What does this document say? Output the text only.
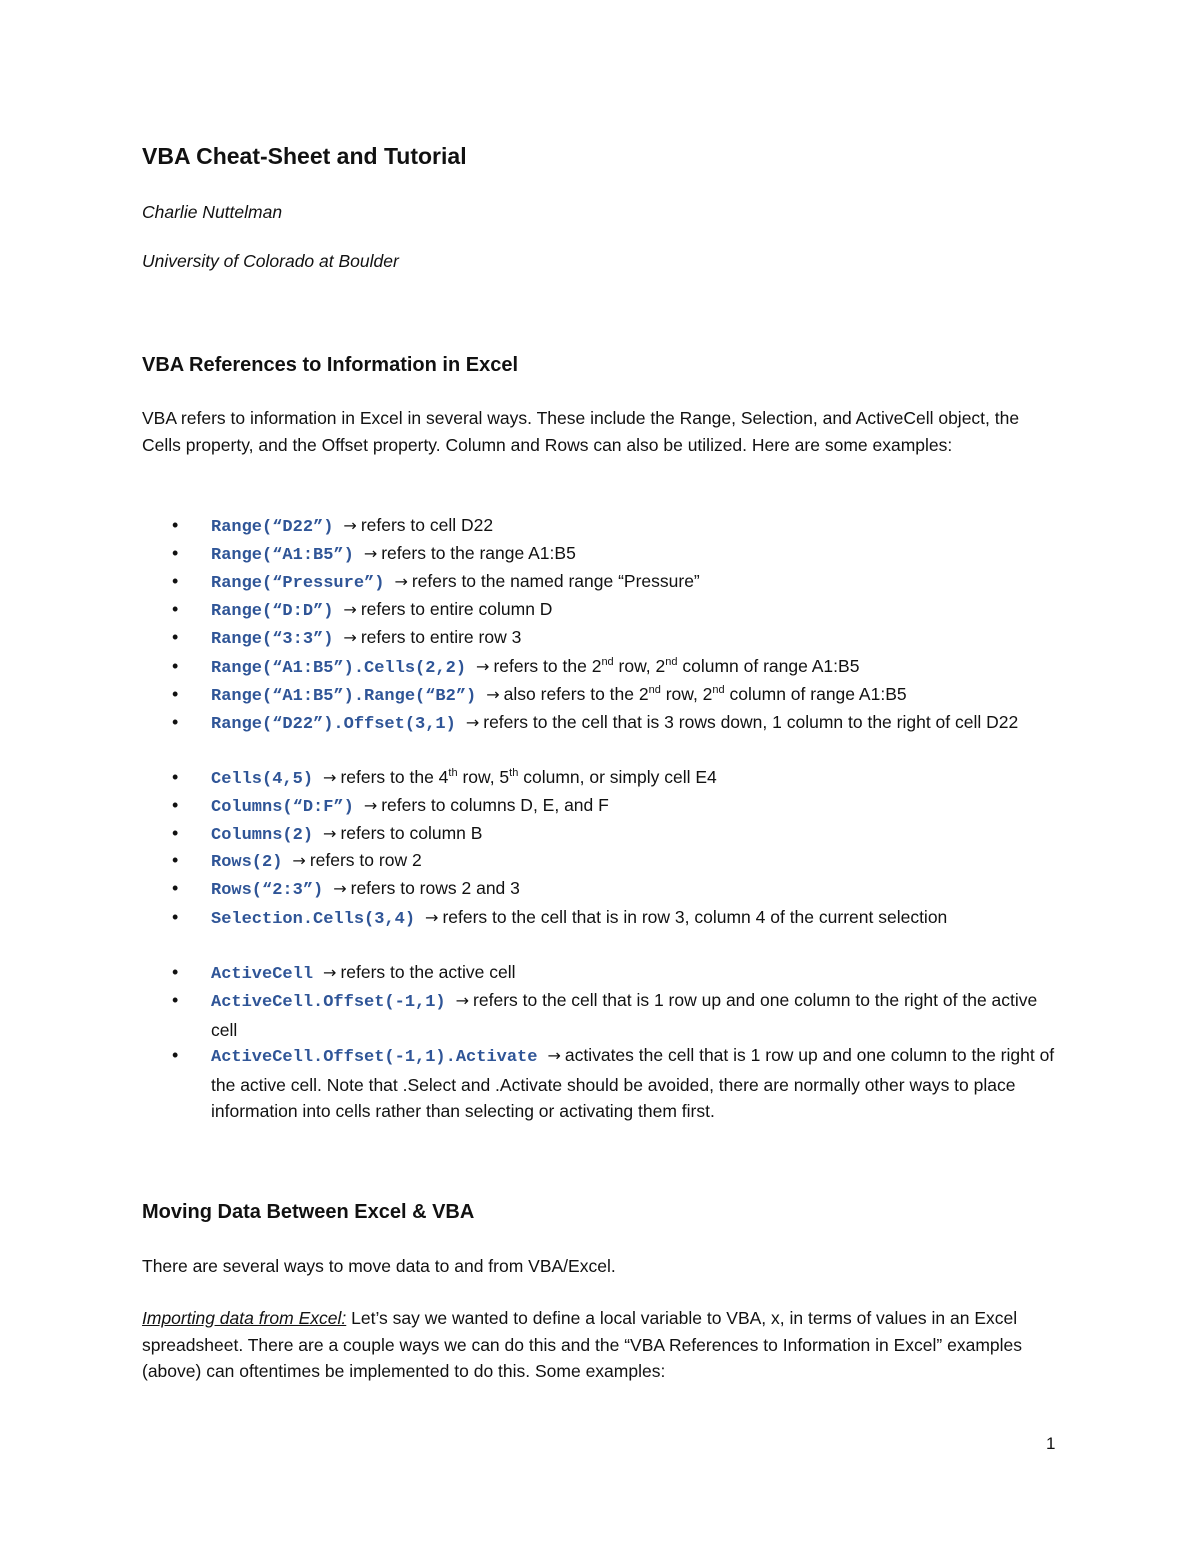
VBA Cheat-Sheet and Tutorial
Charlie Nuttelman
University of Colorado at Boulder
VBA References to Information in Excel
VBA refers to information in Excel in several ways. These include the Range, Selection, and ActiveCell object, the Cells property, and the Offset property. Column and Rows can also be utilized. Here are some examples:
• Range(“D22”) → refers to cell D22
• Range(“A1:B5”) → refers to the range A1:B5
• Range(“Pressure”) → refers to the named range “Pressure”
• Range(“D:D”) → refers to entire column D
• Range(“3:3”) → refers to entire row 3
• Range(“A1:B5”).Cells(2,2) → refers to the 2nd row, 2nd column of range A1:B5
• Range(“A1:B5”).Range(“B2”) → also refers to the 2nd row, 2nd column of range A1:B5
• Range(“D22”).Offset(3,1) → refers to the cell that is 3 rows down, 1 column to the right of cell D22
• Cells(4,5) → refers to the 4th row, 5th column, or simply cell E4
• Columns(“D:F”) → refers to columns D, E, and F
• Columns(2) → refers to column B
• Rows(2) → refers to row 2
• Rows(“2:3”) → refers to rows 2 and 3
• Selection.Cells(3,4) → refers to the cell that is in row 3, column 4 of the current selection
• ActiveCell → refers to the active cell
• ActiveCell.Offset(-1,1) → refers to the cell that is 1 row up and one column to the right of the active cell
• ActiveCell.Offset(-1,1).Activate → activates the cell that is 1 row up and one column to the right of the active cell. Note that .Select and .Activate should be avoided, there are normally other ways to place information into cells rather than selecting or activating them first.
Moving Data Between Excel & VBA
There are several ways to move data to and from VBA/Excel.
Importing data from Excel: Let’s say we wanted to define a local variable to VBA, x, in terms of values in an Excel spreadsheet. There are a couple ways we can do this and the “VBA References to Information in Excel” examples (above) can oftentimes be implemented to do this. Some examples:
1
